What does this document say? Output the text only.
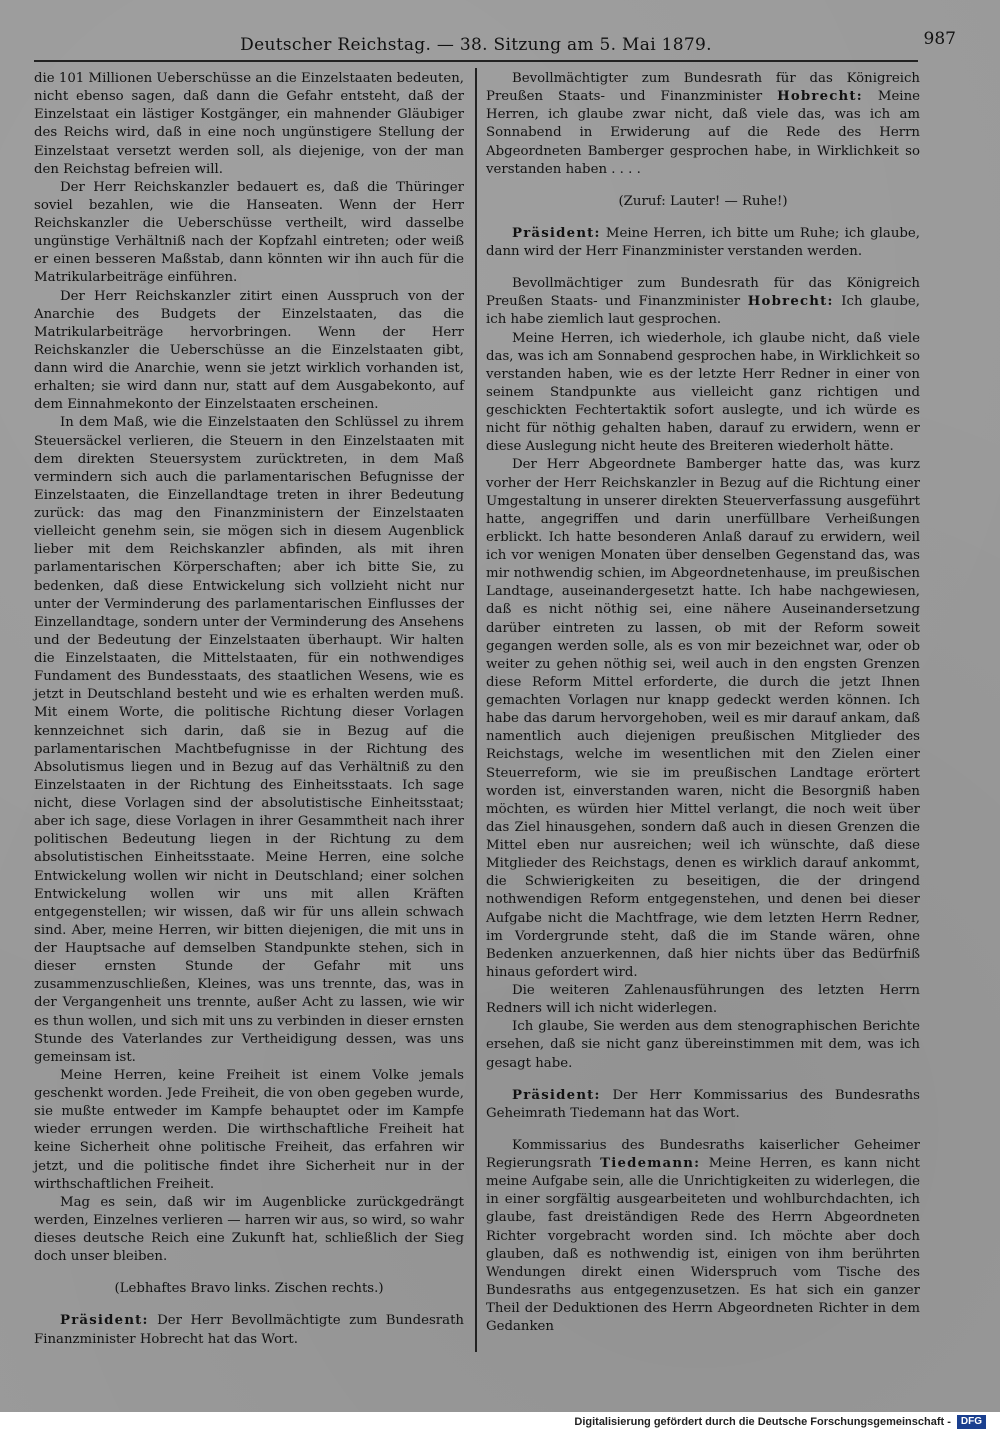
Deutscher Reichstag. — 38. Sitzung am 5. Mai 1879.	987

die 101 Millionen Ueberschüsse an die Einzelstaaten bedeuten, nicht ebenso sagen, daß dann die Gefahr entsteht, daß der Einzelstaat ein lästiger Kostgänger, ein mahnender Gläubiger des Reichs wird, daß in eine noch ungünstigere Stellung der Einzelstaat versetzt werden soll, als diejenige, von der man den Reichstag befreien will.

Der Herr Reichskanzler bedauert es, daß die Thüringer soviel bezahlen, wie die Hanseaten. Wenn der Herr Reichskanzler die Ueberschüsse vertheilt, wird dasselbe ungünstige Verhältniß nach der Kopfzahl eintreten; oder weiß er einen besseren Maßstab, dann könnten wir ihn auch für die Matrikularbeiträge einführen.

Der Herr Reichskanzler zitirt einen Ausspruch von der Anarchie des Budgets der Einzelstaaten, das die Matrikularbeiträge hervorbringen. Wenn der Herr Reichskanzler die Ueberschüsse an die Einzelstaaten gibt, dann wird die Anarchie, wenn sie jetzt wirklich vorhanden ist, erhalten; sie wird dann nur, statt auf dem Ausgabekonto, auf dem Einnahmekonto der Einzelstaaten erscheinen.

In dem Maß, wie die Einzelstaaten den Schlüssel zu ihrem Steuersäckel verlieren, die Steuern in den Einzelstaaten mit dem direkten Steuersystem zurücktreten, in dem Maß vermindern sich auch die parlamentarischen Befugnisse der Einzelstaaten, die Einzellandtage treten in ihrer Bedeutung zurück: das mag den Finanzministern der Einzelstaaten vielleicht genehm sein, sie mögen sich in diesem Augenblick lieber mit dem Reichskanzler abfinden, als mit ihren parlamentarischen Körperschaften; aber ich bitte Sie, zu bedenken, daß diese Entwickelung sich vollzieht nicht nur unter der Verminderung des parlamentarischen Einflusses der Einzellandtage, sondern unter der Verminderung des Ansehens und der Bedeutung der Einzelstaaten überhaupt. Wir halten die Einzelstaaten, die Mittelstaaten, für ein nothwendiges Fundament des Bundesstaats, des staatlichen Wesens, wie es jetzt in Deutschland besteht und wie es erhalten werden muß. Mit einem Worte, die politische Richtung dieser Vorlagen kennzeichnet sich darin, daß sie in Bezug auf die parlamentarischen Machtbefugnisse in der Richtung des Absolutismus liegen und in Bezug auf das Verhältniß zu den Einzelstaaten in der Richtung des Einheitsstaats. Ich sage nicht, diese Vorlagen sind der absolutistische Einheitsstaat; aber ich sage, diese Vorlagen in ihrer Gesammtheit nach ihrer politischen Bedeutung liegen in der Richtung zu dem absolutistischen Einheitsstaate. Meine Herren, eine solche Entwickelung wollen wir nicht in Deutschland; einer solchen Entwickelung wollen wir uns mit allen Kräften entgegenstellen; wir wissen, daß wir für uns allein schwach sind. Aber, meine Herren, wir bitten diejenigen, die mit uns in der Hauptsache auf demselben Standpunkte stehen, sich in dieser ernsten Stunde der Gefahr mit uns zusammenzuschließen, Kleines, was uns trennte, das, was in der Vergangenheit uns trennte, außer Acht zu lassen, wie wir es thun wollen, und sich mit uns zu verbinden in dieser ernsten Stunde des Vaterlandes zur Vertheidigung dessen, was uns gemeinsam ist.

Meine Herren, keine Freiheit ist einem Volke jemals geschenkt worden. Jede Freiheit, die von oben gegeben wurde, sie mußte entweder im Kampfe behauptet oder im Kampfe wieder errungen werden. Die wirthschaftliche Freiheit hat keine Sicherheit ohne politische Freiheit, das erfahren wir jetzt, und die politische findet ihre Sicherheit nur in der wirthschaftlichen Freiheit.

Mag es sein, daß wir im Augenblicke zurückgedrängt werden, Einzelnes verlieren — harren wir aus, so wird, so wahr dieses deutsche Reich eine Zukunft hat, schließlich der Sieg doch unser bleiben.

(Lebhaftes Bravo links. Zischen rechts.)

Präsident: Der Herr Bevollmächtigte zum Bundesrath Finanzminister Hobrecht hat das Wort.

Bevollmächtigter zum Bundesrath für das Königreich Preußen Staats- und Finanzminister Hobrecht: Meine Herren, ich glaube zwar nicht, daß viele das, was ich am Sonnabend in Erwiderung auf die Rede des Herrn Abgeordneten Bamberger gesprochen habe, in Wirklichkeit so verstanden haben . . . .

(Zuruf: Lauter! — Ruhe!)

Präsident: Meine Herren, ich bitte um Ruhe; ich glaube, dann wird der Herr Finanzminister verstanden werden.

Bevollmächtiger zum Bundesrath für das Königreich Preußen Staats- und Finanzminister Hobrecht: Ich glaube, ich habe ziemlich laut gesprochen.

Meine Herren, ich wiederhole, ich glaube nicht, daß viele das, was ich am Sonnabend gesprochen habe, in Wirklichkeit so verstanden haben, wie es der letzte Herr Redner in einer von seinem Standpunkte aus vielleicht ganz richtigen und geschickten Fechtertaktik sofort auslegte, und ich würde es nicht für nöthig gehalten haben, darauf zu erwidern, wenn er diese Auslegung nicht heute des Breiteren wiederholt hätte.

Der Herr Abgeordnete Bamberger hatte das, was kurz vorher der Herr Reichskanzler in Bezug auf die Richtung einer Umgestaltung in unserer direkten Steuerverfassung ausgeführt hatte, angegriffen und darin unerfüllbare Verheißungen erblickt. Ich hatte besonderen Anlaß darauf zu erwidern, weil ich vor wenigen Monaten über denselben Gegenstand das, was mir nothwendig schien, im Abgeordnetenhause, im preußischen Landtage, auseinandergesetzt hatte. Ich habe nachgewiesen, daß es nicht nöthig sei, eine nähere Auseinandersetzung darüber eintreten zu lassen, ob mit der Reform soweit gegangen werden solle, als es von mir bezeichnet war, oder ob weiter zu gehen nöthig sei, weil auch in den engsten Grenzen diese Reform Mittel erforderte, die durch die jetzt Ihnen gemachten Vorlagen nur knapp gedeckt werden können. Ich habe das darum hervorgehoben, weil es mir darauf ankam, daß namentlich auch diejenigen preußischen Mitglieder des Reichstags, welche im wesentlichen mit den Zielen einer Steuerreform, wie sie im preußischen Landtage erörtert worden ist, einverstanden waren, nicht die Besorgniß haben möchten, es würden hier Mittel verlangt, die noch weit über das Ziel hinausgehen, sondern daß auch in diesen Grenzen die Mittel eben nur ausreichen; weil ich wünschte, daß diese Mitglieder des Reichstags, denen es wirklich darauf ankommt, die Schwierigkeiten zu beseitigen, die der dringend nothwendigen Reform entgegenstehen, und denen bei dieser Aufgabe nicht die Machtfrage, wie dem letzten Herrn Redner, im Vordergrunde steht, daß die im Stande wären, ohne Bedenken anzuerkennen, daß hier nichts über das Bedürfniß hinaus gefordert wird.

Die weiteren Zahlenausführungen des letzten Herrn Redners will ich nicht widerlegen.

Ich glaube, Sie werden aus dem stenographischen Berichte ersehen, daß sie nicht ganz übereinstimmen mit dem, was ich gesagt habe.

Präsident: Der Herr Kommissarius des Bundesraths Geheimrath Tiedemann hat das Wort.

Kommissarius des Bundesraths kaiserlicher Geheimer Regierungsrath Tiedemann: Meine Herren, es kann nicht meine Aufgabe sein, alle die Unrichtigkeiten zu widerlegen, die in einer sorgfältig ausgearbeiteten und wohlburchdachten, ich glaube, fast dreiständigen Rede des Herrn Abgeordneten Richter vorgebracht worden sind. Ich möchte aber doch glauben, daß es nothwendig ist, einigen von ihm berührten Wendungen direkt einen Widerspruch vom Tische des Bundesraths aus entgegenzusetzen. Es hat sich ein ganzer Theil der Deduktionen des Herrn Abgeordneten Richter in dem Gedanken

Digitalisierung gefördert durch die Deutsche Forschungsgemeinschaft - DFG
